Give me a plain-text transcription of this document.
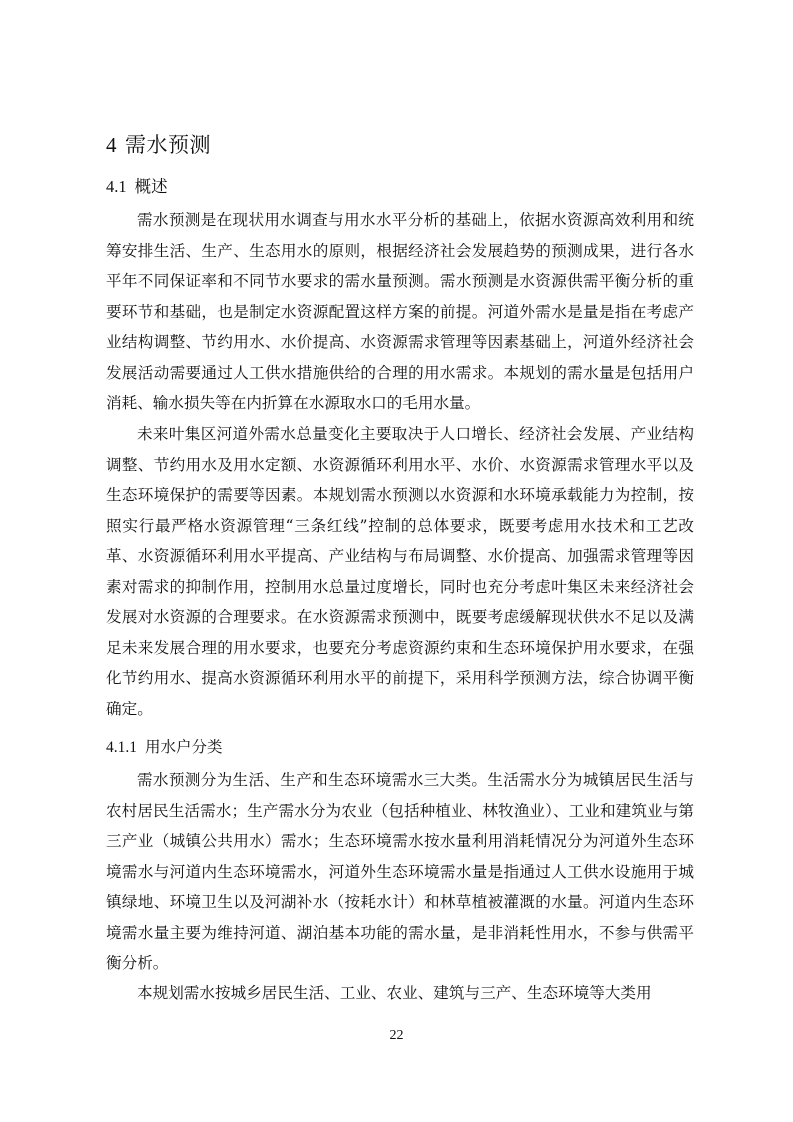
4 需水预测
4.1 概述

需水预测是在现状用水调查与用水水平分析的基础上，依据水资源高效利用和统筹安排生活、生产、生态用水的原则，根据经济社会发展趋势的预测成果，进行各水平年不同保证率和不同节水要求的需水量预测。需水预测是水资源供需平衡分析的重要环节和基础，也是制定水资源配置这样方案的前提。河道外需水是量是指在考虑产业结构调整、节约用水、水价提高、水资源需求管理等因素基础上，河道外经济社会发展活动需要通过人工供水措施供给的合理的用水需求。本规划的需水量是包括用户消耗、输水损失等在内折算在水源取水口的毛用水量。

未来叶集区河道外需水总量变化主要取决于人口增长、经济社会发展、产业结构调整、节约用水及用水定额、水资源循环利用水平、水价、水资源需求管理水平以及生态环境保护的需要等因素。本规划需水预测以水资源和水环境承载能力为控制，按照实行最严格水资源管理“三条红线”控制的总体要求，既要考虑用水技术和工艺改革、水资源循环利用水平提高、产业结构与布局调整、水价提高、加强需求管理等因素对需求的抑制作用，控制用水总量过度增长，同时也充分考虑叶集区未来经济社会发展对水资源的合理要求。在水资源需求预测中，既要考虑缓解现状供水不足以及满足未来发展合理的用水要求，也要充分考虑资源约束和生态环境保护用水要求，在强化节约用水、提高水资源循环利用水平的前提下，采用科学预测方法，综合协调平衡确定。

4.1.1 用水户分类

需水预测分为生活、生产和生态环境需水三大类。生活需水分为城镇居民生活与农村居民生活需水；生产需水分为农业（包括种植业、林牧渔业）、工业和建筑业与第三产业（城镇公共用水）需水；生态环境需水按水量利用消耗情况分为河道外生态环境需水与河道内生态环境需水，河道外生态环境需水量是指通过人工供水设施用于城镇绿地、环境卫生以及河湖补水（按耗水计）和林草植被灌溉的水量。河道内生态环境需水量主要为维持河道、湖泊基本功能的需水量，是非消耗性用水，不参与供需平衡分析。

本规划需水按城乡居民生活、工业、农业、建筑与三产、生态环境等大类用

22
